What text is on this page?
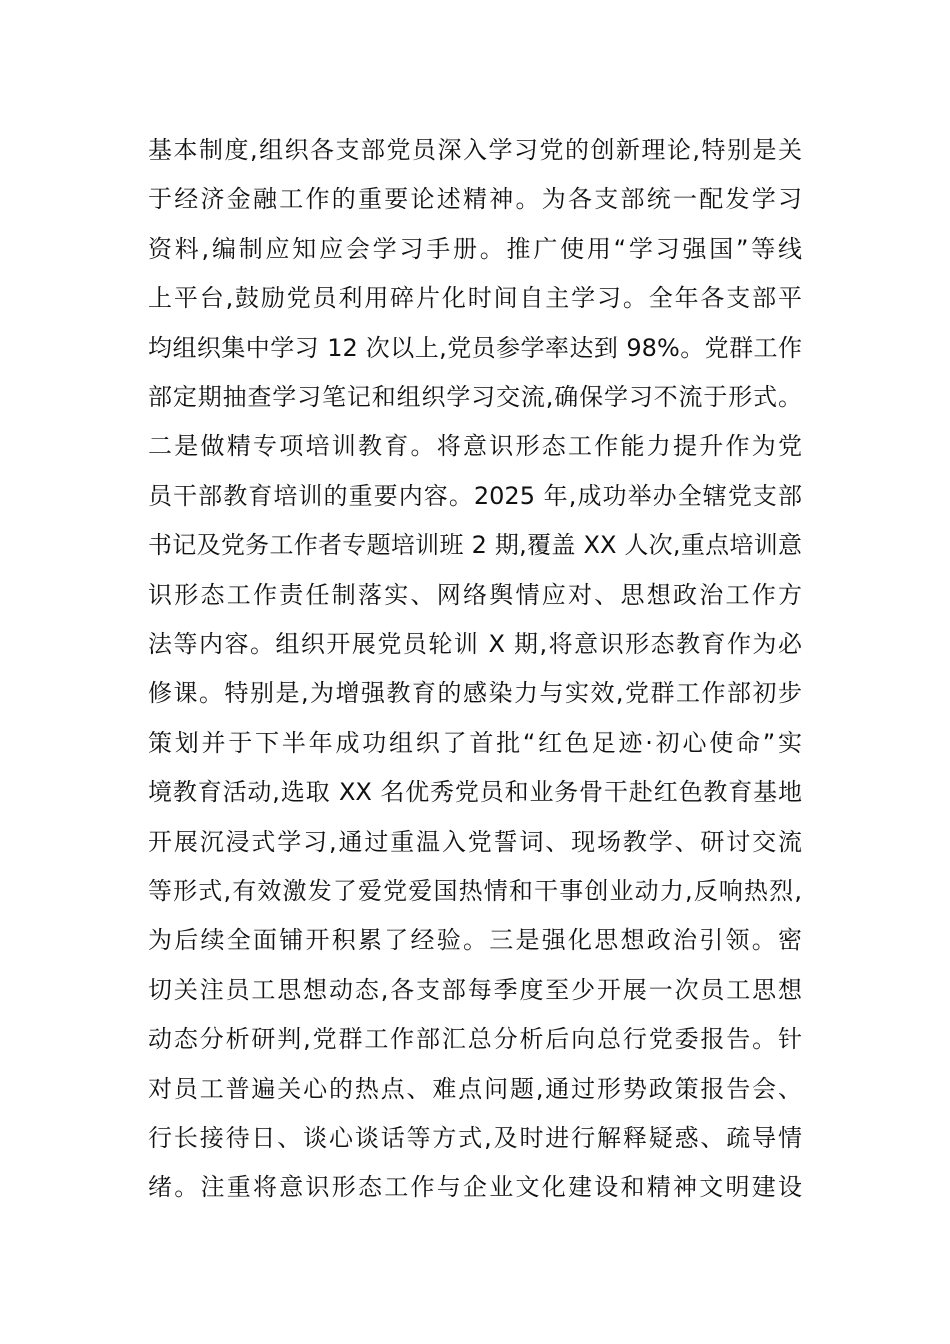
基本制度,组织各支部党员深入学习党的创新理论,特别是关
于经济金融工作的重要论述精神。为各支部统一配发学习
资料,编制应知应会学习手册。推广使用“学习强国”等线
上平台,鼓励党员利用碎片化时间自主学习。全年各支部平
均组织集中学习 12 次以上,党员参学率达到 98%。党群工作
部定期抽查学习笔记和组织学习交流,确保学习不流于形式。
二是做精专项培训教育。将意识形态工作能力提升作为党
员干部教育培训的重要内容。2025 年,成功举办全辖党支部
书记及党务工作者专题培训班 2 期,覆盖 XX 人次,重点培训意
识形态工作责任制落实、网络舆情应对、思想政治工作方
法等内容。组织开展党员轮训 X 期,将意识形态教育作为必
修课。特别是,为增强教育的感染力与实效,党群工作部初步
策划并于下半年成功组织了首批“红色足迹·初心使命”实
境教育活动,选取 XX 名优秀党员和业务骨干赴红色教育基地
开展沉浸式学习,通过重温入党誓词、现场教学、研讨交流
等形式,有效激发了爱党爱国热情和干事创业动力,反响热烈,
为后续全面铺开积累了经验。三是强化思想政治引领。密
切关注员工思想动态,各支部每季度至少开展一次员工思想
动态分析研判,党群工作部汇总分析后向总行党委报告。针
对员工普遍关心的热点、难点问题,通过形势政策报告会、
行长接待日、谈心谈话等方式,及时进行解释疑惑、疏导情
绪。注重将意识形态工作与企业文化建设和精神文明建设
